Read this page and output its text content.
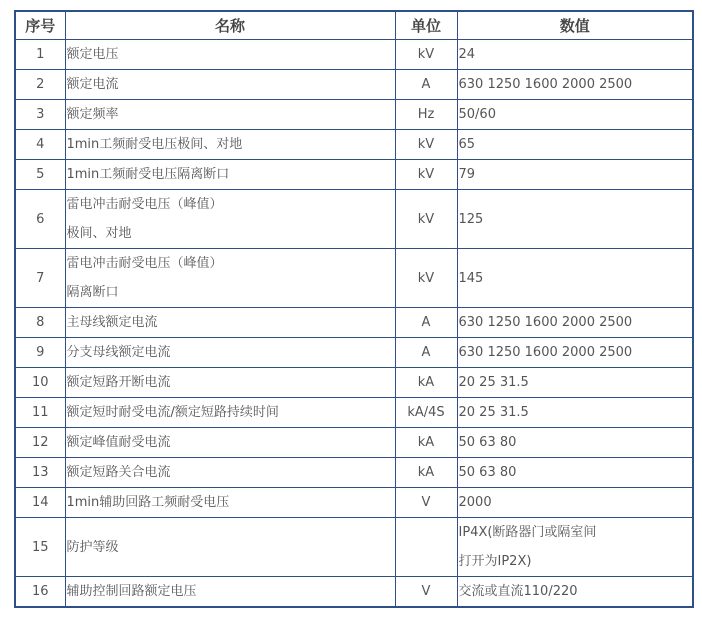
序号	名称	单位	数值
1	额定电压	kV	24

2	额定电流	A	630 1250 1600 2000 2500

3	额定频率	Hz	50/60

4	1min工频耐受电压极间、对地	kV	65

5	1min工频耐受电压隔离断口	kV	79

6	雷电冲击耐受电压（峰值）
极间、对地	kV	125

7	雷电冲击耐受电压（峰值）
隔离断口	kV	145

8	主母线额定电流	A	630 1250 1600 2000 2500

9	分支母线额定电流	A	630 1250 1600 2000 2500

10	额定短路开断电流	kA	20 25 31.5

11	额定短时耐受电流/额定短路持续时间	kA/4S	20 25 31.5

12	额定峰值耐受电流	kA	50 63 80

13	额定短路关合电流	kA	50 63 80

14	1min辅助回路工频耐受电压	V	2000

15	防护等级		IP4X(断路器门或隔室间
打开为IP2X)

16	辅助控制回路额定电压	V	交流或直流110/220
